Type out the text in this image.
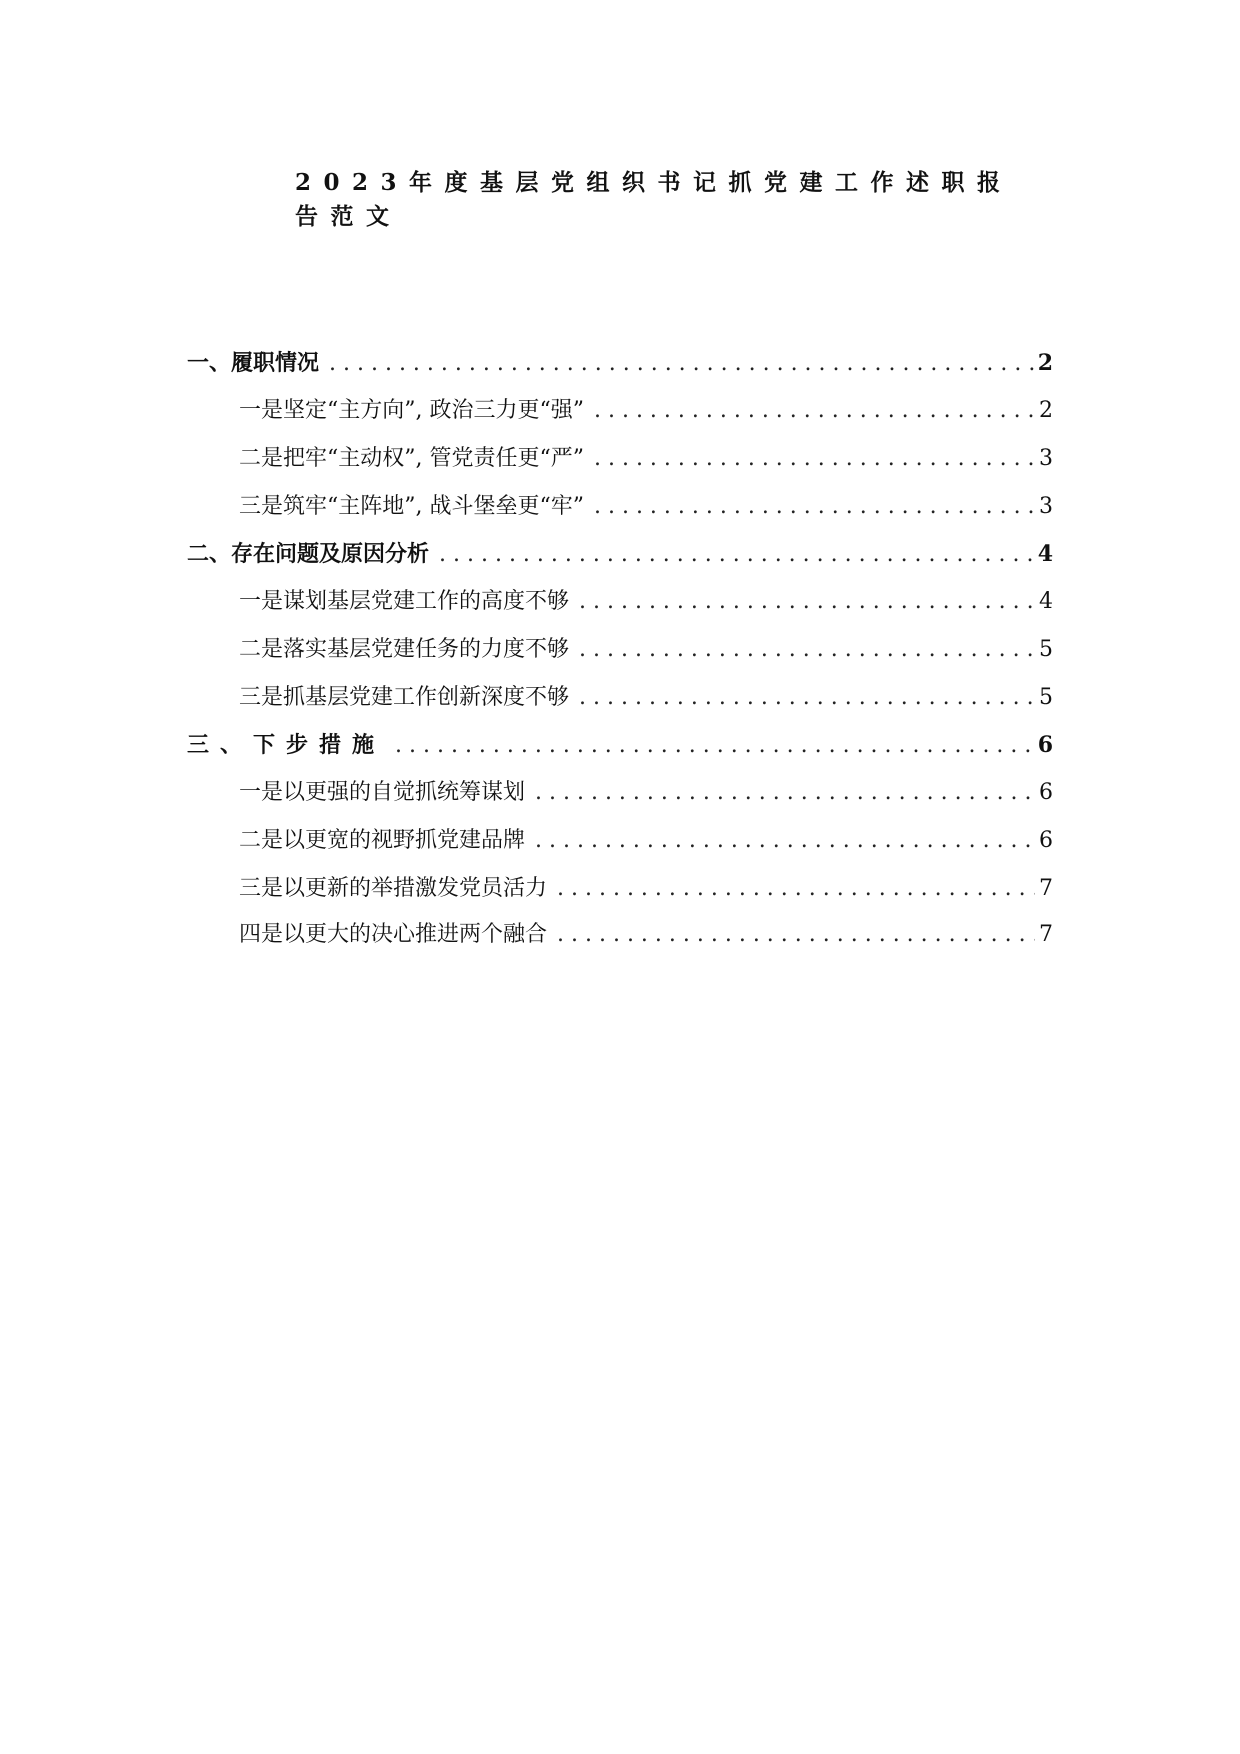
2023年度基层党组织书记抓党建工作述职报告范文
一、履职情况 . . .	2
一是坚定“主方向”, 政治三力更“强” . . .	2
二是把牢“主动权”, 管党责任更“严” . . .	3
三是筑牢“主阵地”, 战斗堡垒更“牢” . . .	3
二、存在问题及原因分析 . . .	4
一是谋划基层党建工作的高度不够 . . .	4
二是落实基层党建任务的力度不够 . . .	5
三是抓基层党建工作创新深度不够 . . .	5
三、下步措施 . . .	6
一是以更强的自觉抓统筹谋划 . . .	6
二是以更宽的视野抓党建品牌 . . .	6
三是以更新的举措激发党员活力 . . .	7
四是以更大的决心推进两个融合 . . .	7
